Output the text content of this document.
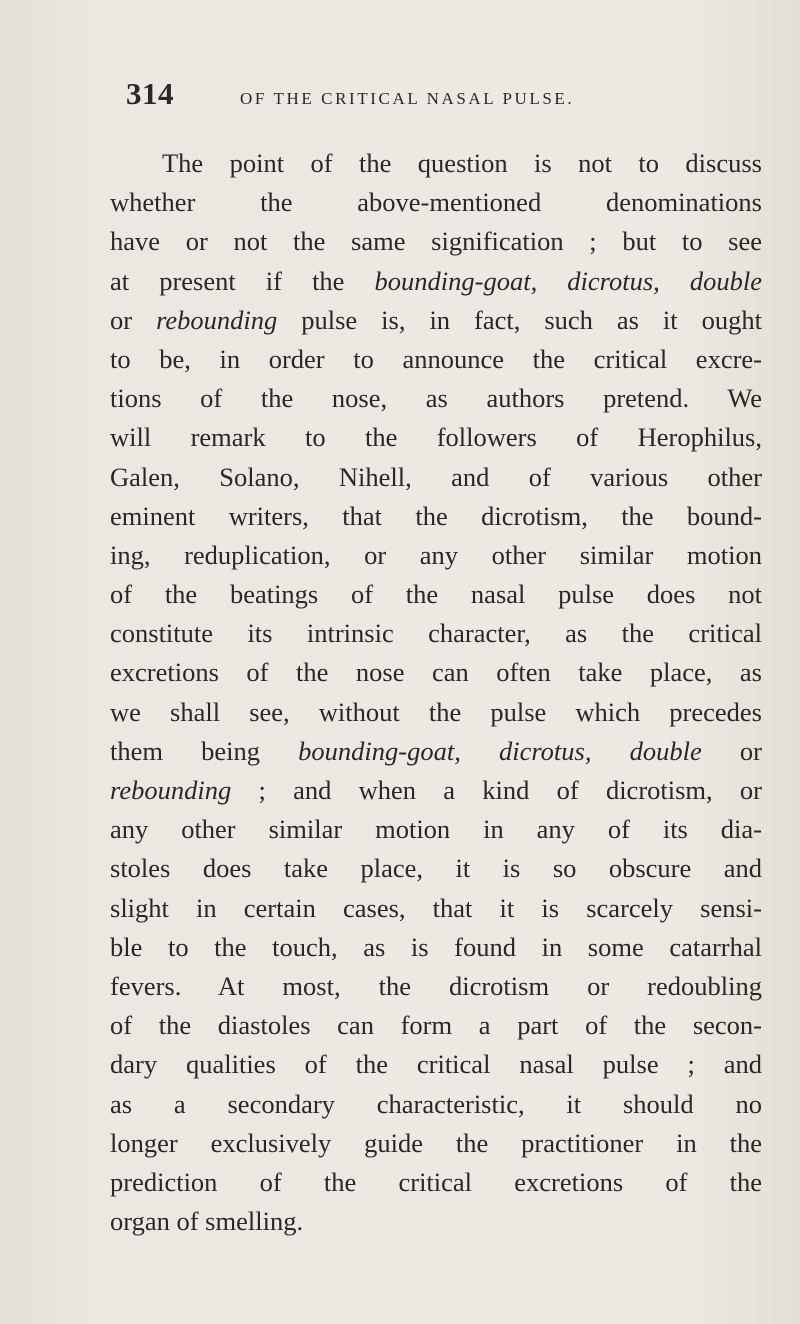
314	OF THE CRITICAL NASAL PULSE.
The point of the question is not to discuss
whether the above-mentioned denominations
have or not the same signification ; but to see
at present if the bounding-goat, dicrotus, double
or rebounding pulse is, in fact, such as it ought
to be, in order to announce the critical excre-
tions of the nose, as authors pretend. We
will remark to the followers of Herophilus,
Galen, Solano, Nihell, and of various other
eminent writers, that the dicrotism, the bound-
ing, reduplication, or any other similar motion
of the beatings of the nasal pulse does not
constitute its intrinsic character, as the critical
excretions of the nose can often take place, as
we shall see, without the pulse which precedes
them being bounding-goat, dicrotus, double or
rebounding ; and when a kind of dicrotism, or
any other similar motion in any of its dia-
stoles does take place, it is so obscure and
slight in certain cases, that it is scarcely sensi-
ble to the touch, as is found in some catarrhal
fevers. At most, the dicrotism or redoubling
of the diastoles can form a part of the secon-
dary qualities of the critical nasal pulse ; and
as a secondary characteristic, it should no
longer exclusively guide the practitioner in the
prediction of the critical excretions of the
organ of smelling.
